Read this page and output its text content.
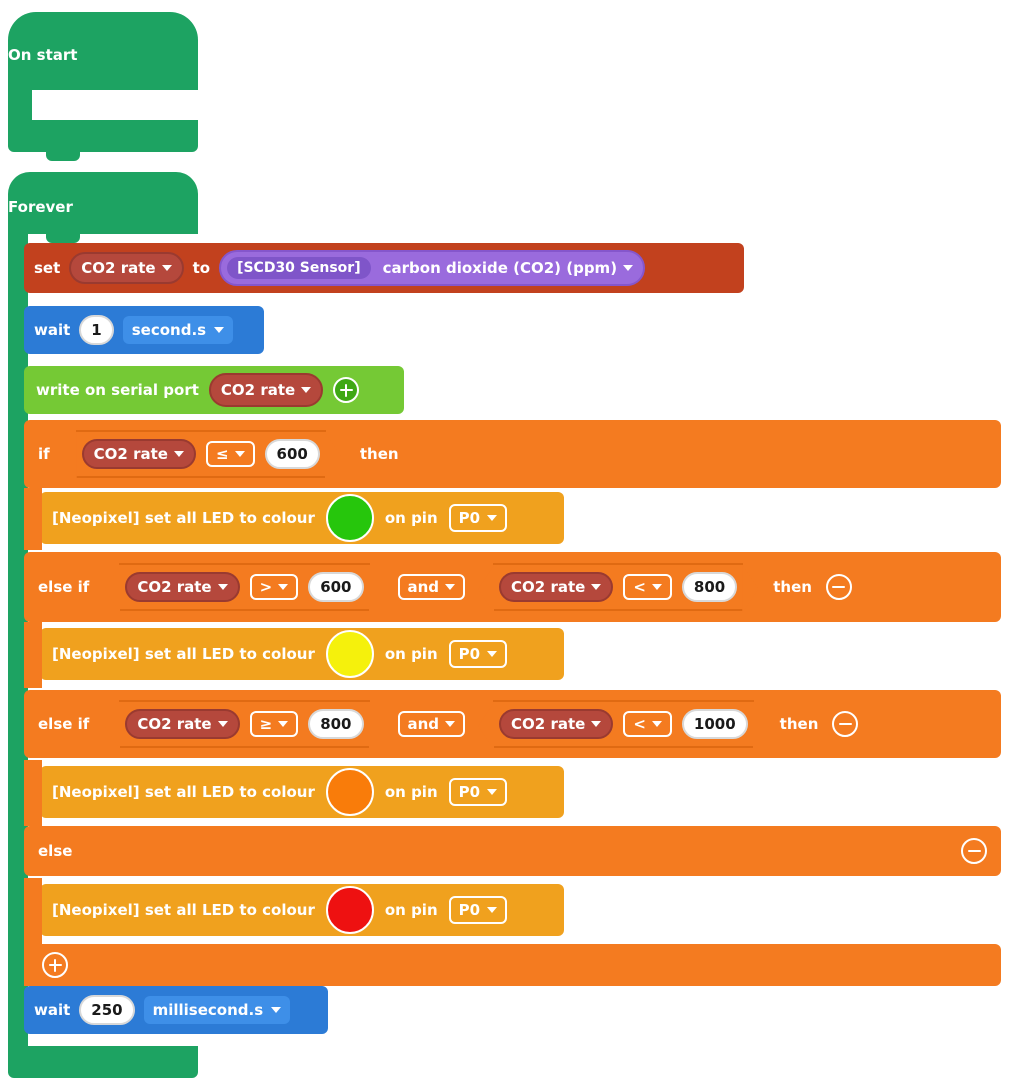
On start
Forever
set CO2 rate to	[SCD30 Sensor]	carbon dioxide (CO2) (ppm)
wait	1	second.s
write on serial port CO2 rate
if	CO2 rate	≤	600	then
[Neopixel] set all LED to colour	on pin P0
else if	CO2 rate	>	600	and	CO2 rate	<	800	then
[Neopixel] set all LED to colour	on pin P0
else if	CO2 rate	≥	800	and	CO2 rate	<	1000	then
[Neopixel] set all LED to colour	on pin P0
else
[Neopixel] set all LED to colour	on pin P0
wait	250	millisecond.s
